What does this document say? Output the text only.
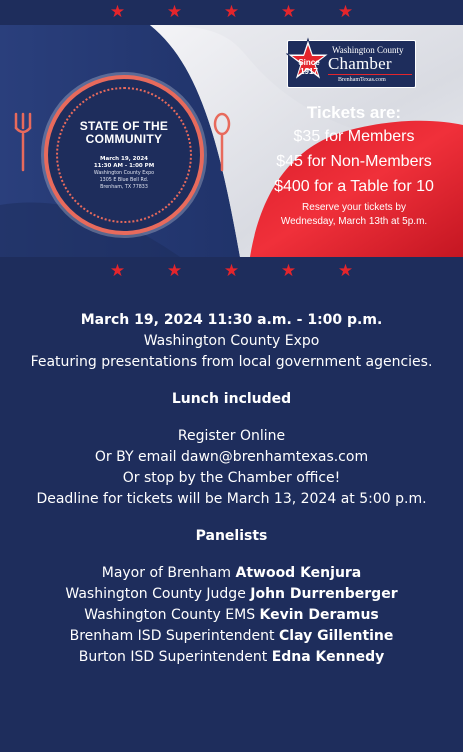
★	★	★	★	★
STATE OF THE COMMUNITY
March 19, 2024
11:30 AM - 1:00 PM
Washington County Expo
1305 E Blue Bell Rd.
Brenham, TX 77833
Since
1917
Washington County
Chamber
BrenhamTexas.com
Tickets are:
$35 for Members
$45 for Non-Members
$400 for a Table for 10
Reserve your tickets by
Wednesday, March 13th at 5p.m.
★	★	★	★	★
March 19, 2024 11:30 a.m. - 1:00 p.m.
Washington County Expo
Featuring presentations from local government agencies.
Lunch included
Register Online
Or BY email dawn@brenhamtexas.com
Or stop by the Chamber office!
Deadline for tickets will be March 13, 2024 at 5:00 p.m.
Panelists
Mayor of Brenham Atwood Kenjura
Washington County Judge John Durrenberger
Washington County EMS Kevin Deramus
Brenham ISD Superintendent Clay Gillentine
Burton ISD Superintendent Edna Kennedy
